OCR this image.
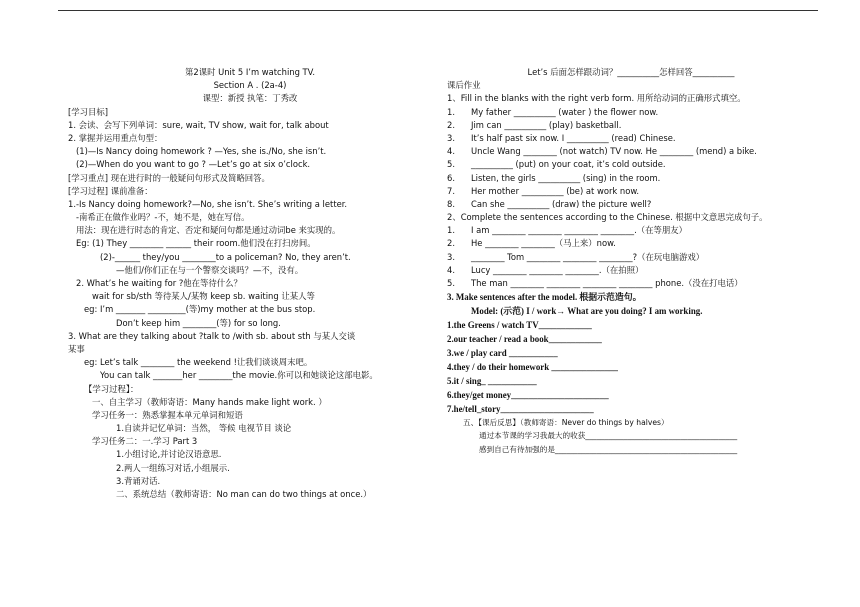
第2课时 Unit 5 I’m watching TV.
Section A . (2a-4)
课型：新授 执笔：丁秀改
[学习目标]
1. 会读、会写下列单词：sure, wait, TV show, wait for, talk about
2. 掌握并运用重点句型：
(1)—Is Nancy doing homework ? —Yes, she is./No, she isn’t.
(2)—When do you want to go ? —Let’s go at six o’clock.
[学习重点] 现在进行时的一般疑问句形式及简略回答。
[学习过程] 课前准备：
1.-Is Nancy doing homework?—No, she isn’t. She’s writing a letter.
-南希正在做作业吗？-不，她不是，她在写信。
用法：现在进行时态的肯定、否定和疑问句都是通过动词be 来实现的。
Eg: (1) They ________ ______ their room.他们没在打扫房间。
(2)-______ they/you ________to a policeman? No, they aren’t.
—他们/你们正在与一个警察交谈吗？—不，没有。
2. What’s he waiting for ?他在等待什么？
wait for sb/sth 等待某人/某物 keep sb. waiting 让某人等
eg: I’m _______ _________(等)my mother at the bus stop.
Don’t keep him ________(等) for so long.
3. What are they talking about ?talk to /with sb. about sth 与某人交谈
某事
eg: Let’s talk ________ the weekend !让我们谈谈周末吧。
You can talk _______her ________the movie.你可以和她谈论这部电影。
【学习过程】：
一、自主学习（教师寄语：Many hands make light work. ）
学习任务一：熟悉掌握本单元单词和短语
1.自读并记忆单词：当然， 等候 电视节目 谈论
学习任务二：一.学习 Part 3
1.小组讨论,并讨论汉语意思.
2.两人一组练习对话,小组展示.
3.背诵对话.
二、系统总结（教师寄语：No man can do two things at once.）
Let’s 后面怎样跟动词？__________怎样回答__________
课后作业
1、Fill in the blanks with the right verb form. 用所给动词的正确形式填空。
1. My father __________ (water ) the flower now.
2. Jim can __________ (play) basketball.
3. It’s half past six now. I __________ (read) Chinese.
4. Uncle Wang ________ (not watch) TV now. He ________ (mend) a bike.
5. __________ (put) on your coat, it’s cold outside.
6. Listen, the girls __________ (sing) in the room.
7. Her mother __________ (be) at work now.
8. Can she __________ (draw) the picture well?
2、Complete the sentences according to the Chinese. 根据中文意思完成句子。
1. I am ________ ________ ________ ________.（在等朋友）
2. He ________ ________（马上来）now.
3. ________ Tom ________ ________ ________?（在玩电脑游戏）
4. Lucy ________ ________ ________.（在拍照）
5. The man ________ ________ ________ ________ phone.（没在打电话）
3. Make sentences after the model. 根据示范造句。
Model: (示范) I / work→ What are you doing? I am working.
1.the Greens / watch TV____________
2.our teacher / read a book____________
3.we / play card ___________
4.they / do their homework _______________
5.it / sing_ ___________
6.they/get money______________________
7.he/tell_story_____________________
五、【课后反思】（教师寄语：Never do things by halves）
通过本节课的学习我最大的收获________________________________________
感到自己有待加强的是________________________________________________
